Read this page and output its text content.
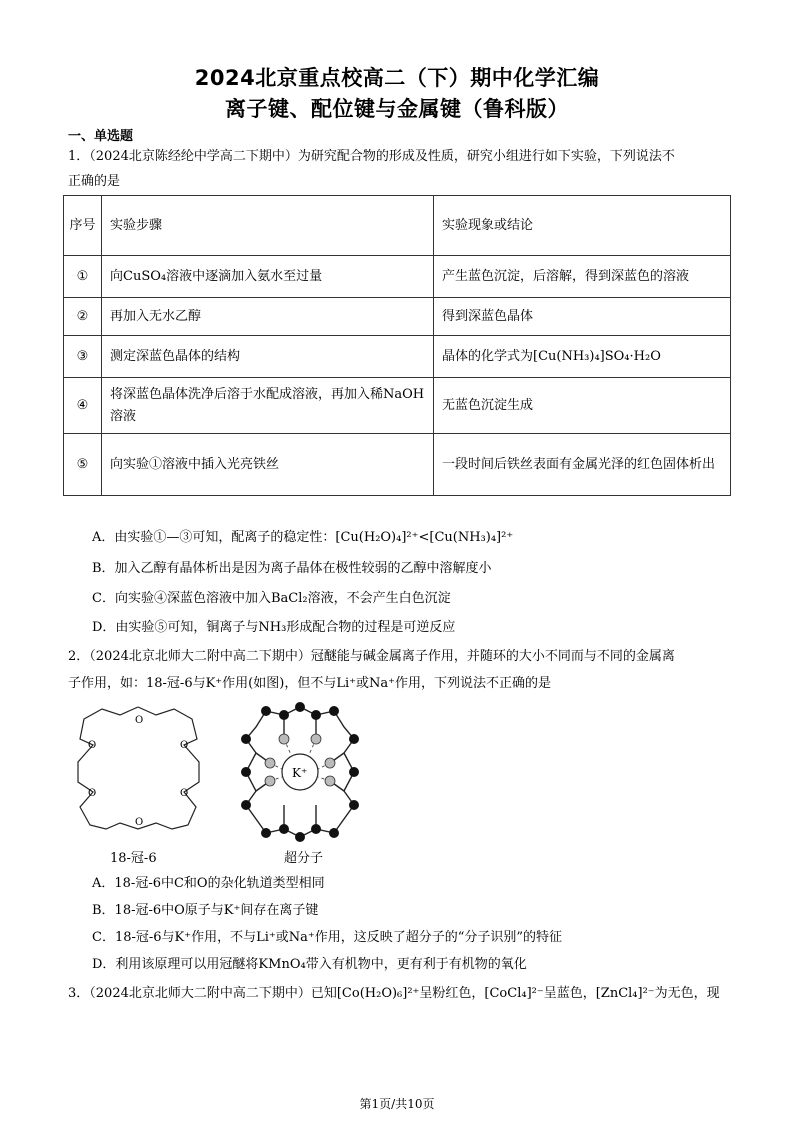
2024北京重点校高二（下）期中化学汇编
离子键、配位键与金属键（鲁科版）
一、单选题
1．（2024北京陈经纶中学高二下期中）为研究配合物的形成及性质，研究小组进行如下实验，下列说法不
正确的是
序号	实验步骤	实验现象或结论
①	向CuSO₄溶液中逐滴加入氨水至过量	产生蓝色沉淀，后溶解，得到深蓝色的溶液
②	再加入无水乙醇	得到深蓝色晶体
③	测定深蓝色晶体的结构	晶体的化学式为[Cu(NH₃)₄]SO₄·H₂O
④	将深蓝色晶体洗净后溶于水配成溶液，再加入稀NaOH溶液	无蓝色沉淀生成
⑤	向实验①溶液中插入光亮铁丝	一段时间后铁丝表面有金属光泽的红色固体析出
A．由实验①—③可知，配离子的稳定性：[Cu(H₂O)₄]²⁺<[Cu(NH₃)₄]²⁺
B．加入乙醇有晶体析出是因为离子晶体在极性较弱的乙醇中溶解度小
C．向实验④深蓝色溶液中加入BaCl₂溶液，不会产生白色沉淀
D．由实验⑤可知，铜离子与NH₃形成配合物的过程是可逆反应
2．（2024北京北师大二附中高二下期中）冠醚能与碱金属离子作用，并随环的大小不同而与不同的金属离
子作用，如：18-冠-6与K⁺作用(如图)，但不与Li⁺或Na⁺作用，下列说法不正确的是
O
O	O
O	O
O
K⁺
18-冠-6	超分子
A．18-冠-6中C和O的杂化轨道类型相同
B．18-冠-6中O原子与K⁺间存在离子键
C．18-冠-6与K⁺作用，不与Li⁺或Na⁺作用，这反映了超分子的“分子识别”的特征
D．利用该原理可以用冠醚将KMnO₄带入有机物中，更有利于有机物的氧化
3．（2024北京北师大二附中高二下期中）已知[Co(H₂O)₆]²⁺呈粉红色，[CoCl₄]²⁻呈蓝色，[ZnCl₄]²⁻为无色，现
第1页/共10页
